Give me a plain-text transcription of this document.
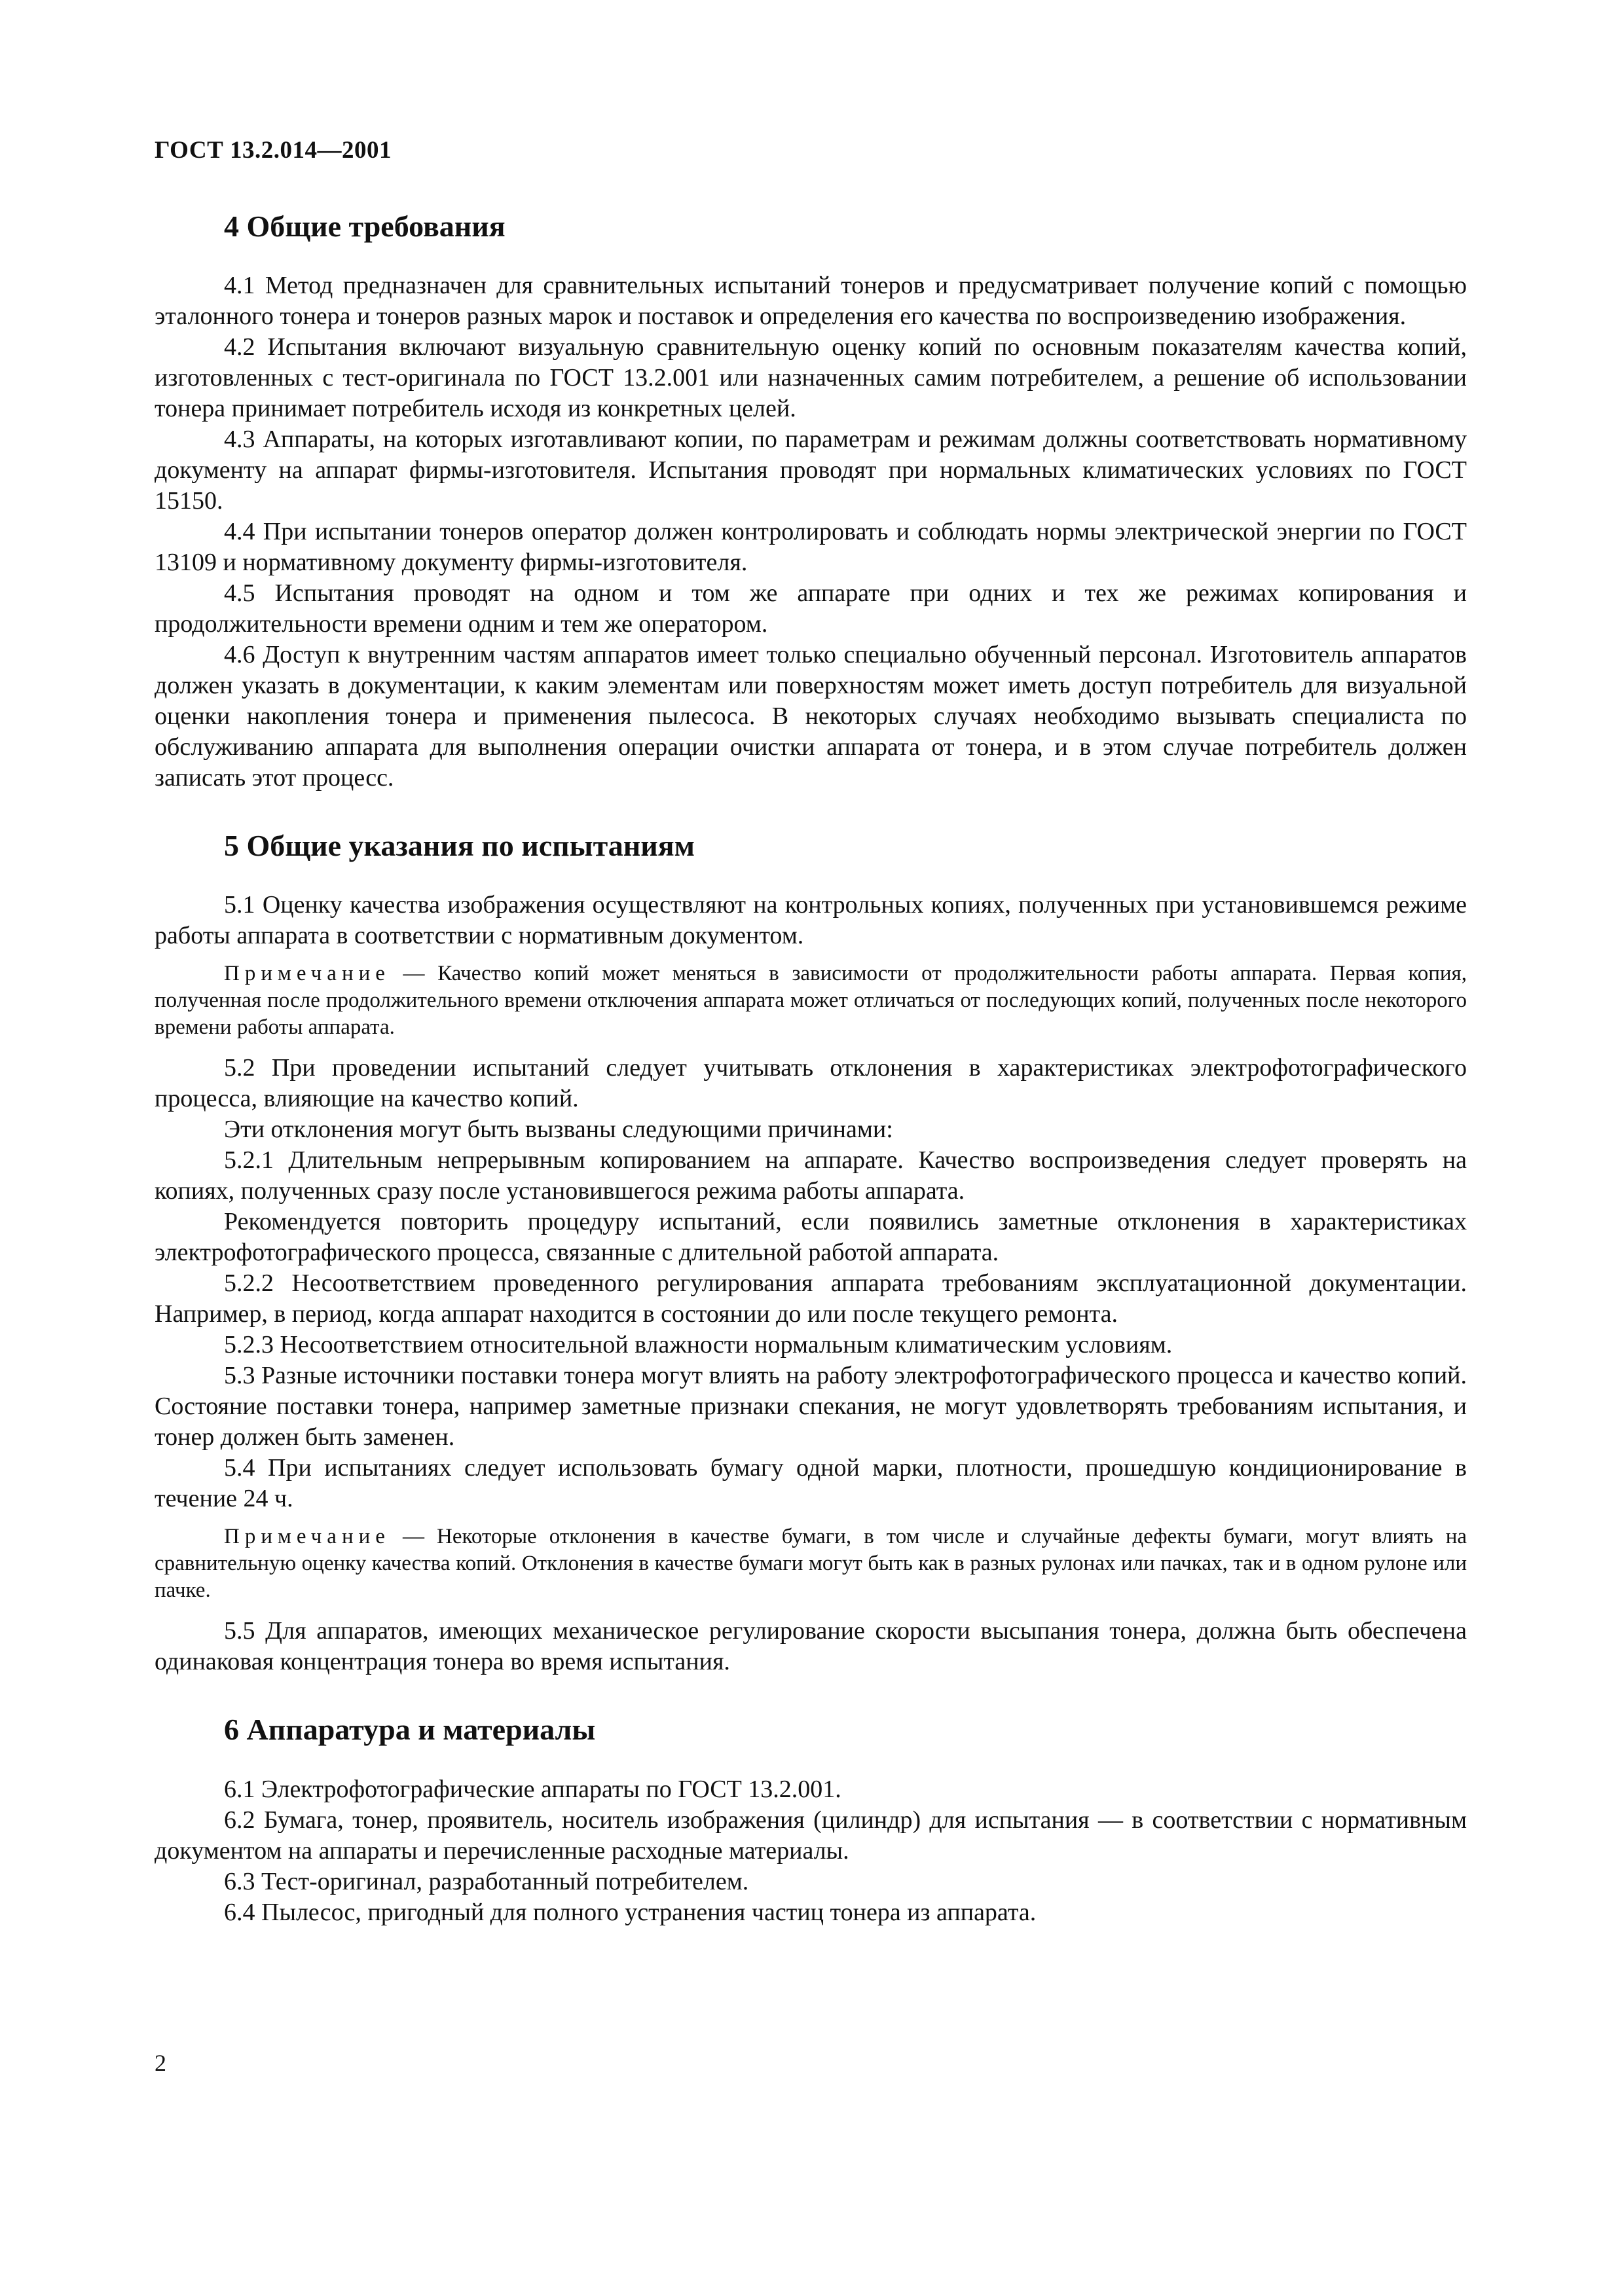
ГОСТ 13.2.014—2001
4 Общие требования

4.1 Метод предназначен для сравнительных испытаний тонеров и предусматривает получение копий с помощью эталонного тонера и тонеров разных марок и поставок и определения его качества по воспроизведению изображения.

4.2 Испытания включают визуальную сравнительную оценку копий по основным показателям качества копий, изготовленных с тест-оригинала по ГОСТ 13.2.001 или назначенных самим потребителем, а решение об использовании тонера принимает потребитель исходя из конкретных целей.

4.3 Аппараты, на которых изготавливают копии, по параметрам и режимам должны соответствовать нормативному документу на аппарат фирмы-изготовителя. Испытания проводят при нормальных климатических условиях по ГОСТ 15150.

4.4 При испытании тонеров оператор должен контролировать и соблюдать нормы электрической энергии по ГОСТ 13109 и нормативному документу фирмы-изготовителя.

4.5 Испытания проводят на одном и том же аппарате при одних и тех же режимах копирования и продолжительности времени одним и тем же оператором.

4.6 Доступ к внутренним частям аппаратов имеет только специально обученный персонал. Изготовитель аппаратов должен указать в документации, к каким элементам или поверхностям может иметь доступ потребитель для визуальной оценки накопления тонера и применения пылесоса. В некоторых случаях необходимо вызывать специалиста по обслуживанию аппарата для выполнения операции очистки аппарата от тонера, и в этом случае потребитель должен записать этот процесс.

5 Общие указания по испытаниям

5.1 Оценку качества изображения осуществляют на контрольных копиях, полученных при установившемся режиме работы аппарата в соответствии с нормативным документом.

Примечание — Качество копий может меняться в зависимости от продолжительности работы аппарата. Первая копия, полученная после продолжительного времени отключения аппарата может отличаться от последующих копий, полученных после некоторого времени работы аппарата.

5.2 При проведении испытаний следует учитывать отклонения в характеристиках электрофотографического процесса, влияющие на качество копий.

Эти отклонения могут быть вызваны следующими причинами:

5.2.1 Длительным непрерывным копированием на аппарате. Качество воспроизведения следует проверять на копиях, полученных сразу после установившегося режима работы аппарата.

Рекомендуется повторить процедуру испытаний, если появились заметные отклонения в характеристиках электрофотографического процесса, связанные с длительной работой аппарата.

5.2.2 Несоответствием проведенного регулирования аппарата требованиям эксплуатационной документации. Например, в период, когда аппарат находится в состоянии до или после текущего ремонта.

5.2.3 Несоответствием относительной влажности нормальным климатическим условиям.

5.3 Разные источники поставки тонера могут влиять на работу электрофотографического процесса и качество копий. Состояние поставки тонера, например заметные признаки спекания, не могут удовлетворять требованиям испытания, и тонер должен быть заменен.

5.4 При испытаниях следует использовать бумагу одной марки, плотности, прошедшую кондиционирование в течение 24 ч.

Примечание — Некоторые отклонения в качестве бумаги, в том числе и случайные дефекты бумаги, могут влиять на сравнительную оценку качества копий. Отклонения в качестве бумаги могут быть как в разных рулонах или пачках, так и в одном рулоне или пачке.

5.5 Для аппаратов, имеющих механическое регулирование скорости высыпания тонера, должна быть обеспечена одинаковая концентрация тонера во время испытания.

6 Аппаратура и материалы

6.1 Электрофотографические аппараты по ГОСТ 13.2.001.

6.2 Бумага, тонер, проявитель, носитель изображения (цилиндр) для испытания — в соответствии с нормативным документом на аппараты и перечисленные расходные материалы.

6.3 Тест-оригинал, разработанный потребителем.

6.4 Пылесос, пригодный для полного устранения частиц тонера из аппарата.

2
